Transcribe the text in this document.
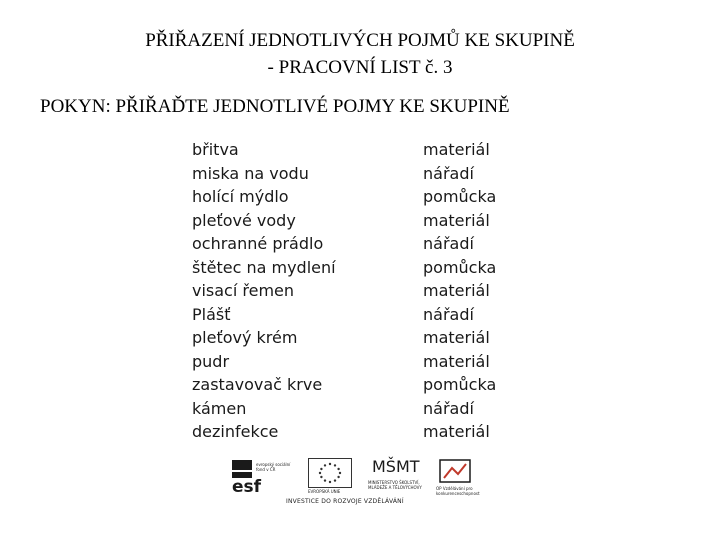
PŘIŘAZENÍ JEDNOTLIVÝCH POJMŮ KE SKUPINĚ
- PRACOVNÍ LIST č. 3
POKYN: PŘIŘAĎTE JEDNOTLIVÉ POJMY KE SKUPINĚ
břitva
miska na vodu
holící mýdlo
pleťové vody
ochranné prádlo
štětec na mydlení
visací řemen
Plášť
pleťový krém
pudr
zastavovač krve
kámen
dezinfekce
materiál
nářadí
pomůcka
materiál
nářadí
pomůcka
materiál
nářadí
materiál
materiál
pomůcka
nářadí
materiál
esf
evropský sociální fond v ČR
EVROPSKÁ UNIE
MŠMT
MINISTERSTVO ŠKOLSTVÍ, MLÁDEŽE A TĚLOVÝCHOVY	OP Vzdělávání pro konkurenceschopnost
INVESTICE DO ROZVOJE VZDĚLÁVÁNÍ
